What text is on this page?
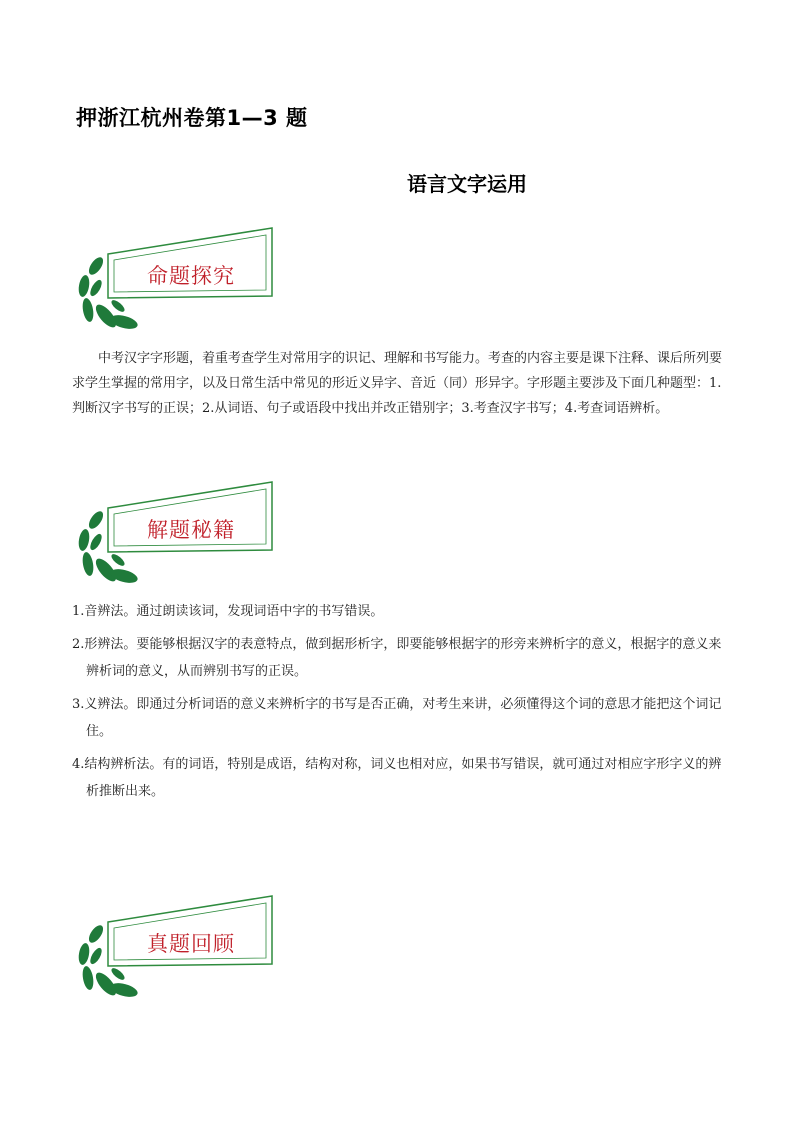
押浙江杭州卷第1—3 题
语言文字运用
命题探究

中考汉字字形题，着重考查学生对常用字的识记、理解和书写能力。考查的内容主要是课下注释、课后所列要求学生掌握的常用字，以及日常生活中常见的形近义异字、音近（同）形异字。字形题主要涉及下面几种题型：1.判断汉字书写的正误；2.从词语、句子或语段中找出并改正错别字；3.考查汉字书写；4.考查词语辨析。

解题秘籍
1.音辨法。通过朗读该词，发现词语中字的书写错误。
2.形辨法。要能够根据汉字的表意特点，做到据形析字，即要能够根据字的形旁来辨析字的意义，根据字的意义来辨析词的意义，从而辨别书写的正误。
3.义辨法。即通过分析词语的意义来辨析字的书写是否正确，对考生来讲，必须懂得这个词的意思才能把这个词记住。
4.结构辨析法。有的词语，特别是成语，结构对称，词义也相对应，如果书写错误，就可通过对相应字形字义的辨析推断出来。
真题回顾
